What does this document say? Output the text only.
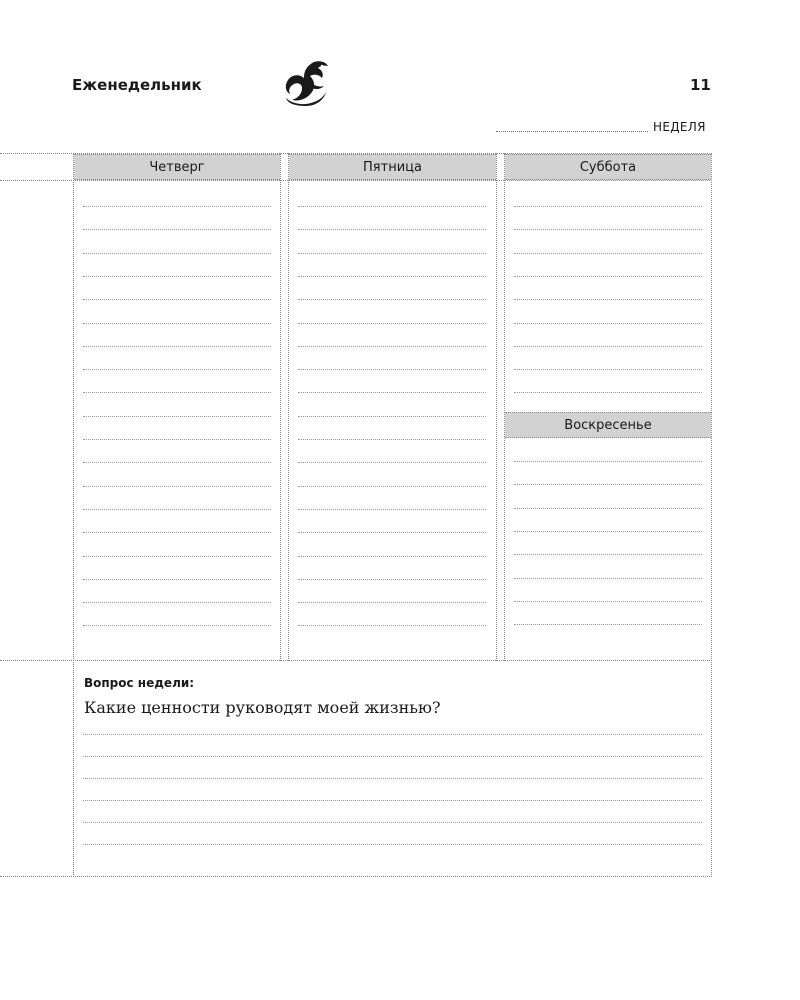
Еженедельник	11
НЕДЕЛЯ
Четверг	Пятница	Суббота
Воскресенье
Вопрос недели:
Какие ценности руководят моей жизнью?
